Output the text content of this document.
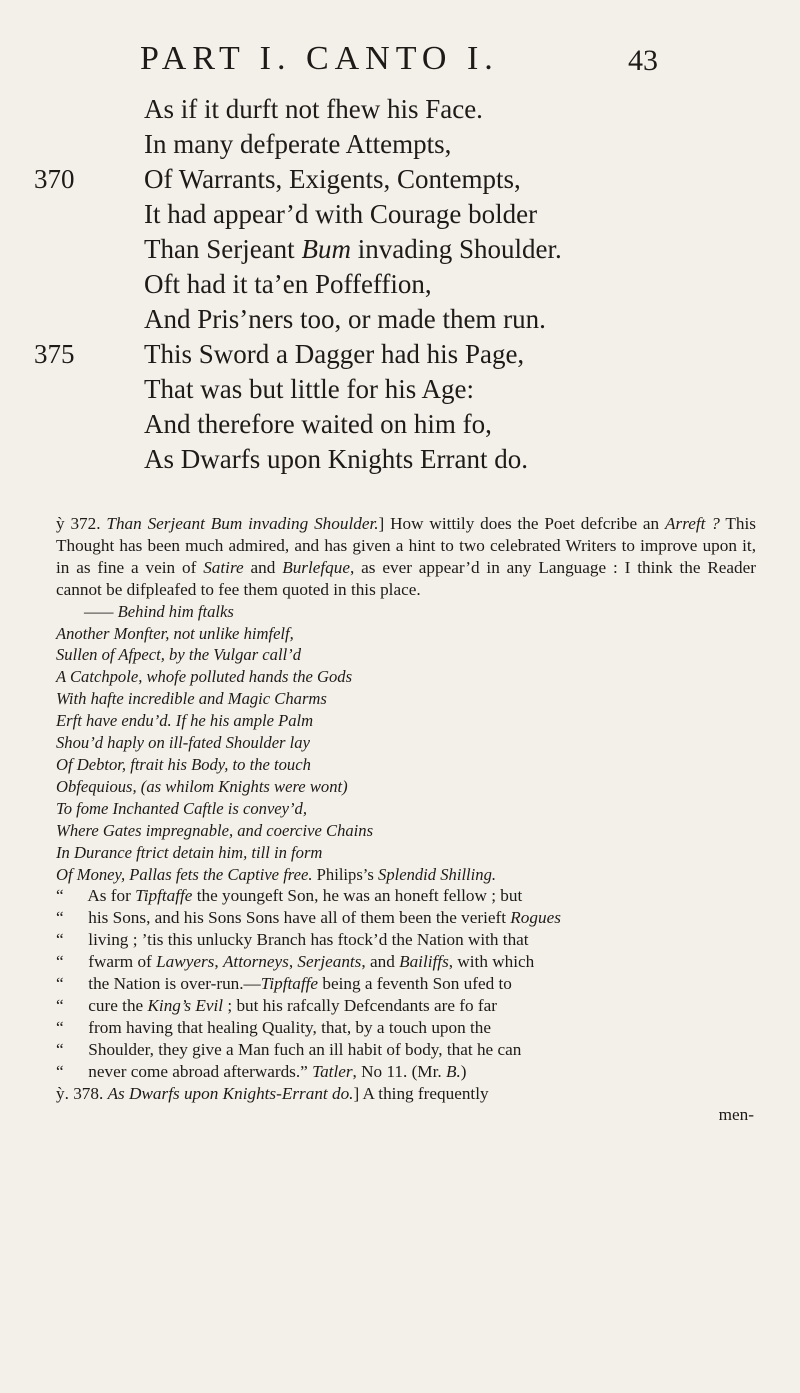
PART I. CANTO I.	43
As if it durft not fhew his Face.
In many defperate Attempts,
370	Of Warrants, Exigents, Contempts,
It had appear’d with Courage bolder
Than Serjeant Bum invading Shoulder.
Oft had it ta’en Poffeffion,
And Pris’ners too, or made them run.
375	This Sword a Dagger had his Page,
That was but little for his Age:
And therefore waited on him fo,
As Dwarfs upon Knights Errant do.
ỳ 372. Than Serjeant Bum invading Shoulder.] How wittily does the Poet defcribe an Arreft ? This Thought has been much admired, and has given a hint to two celebrated Writers to improve upon it, in as fine a vein of Satire and Burlefque, as ever appear’d in any Language : I think the Reader cannot be difpleafed to fee them quoted in this place.
—— Behind him ftalks
Another Monfter, not unlike himfelf,
Sullen of Afpect, by the Vulgar call’d
A Catchpole, whofe polluted hands the Gods
With hafte incredible and Magic Charms
Erft have endu’d. If he his ample Palm
Shou’d haply on ill-fated Shoulder lay
Of Debtor, ftrait his Body, to the touch
Obfequious, (as whilom Knights were wont)
To fome Inchanted Caftle is convey’d,
Where Gates impregnable, and coercive Chains
In Durance ftrict detain him, till in form
Of Money, Pallas fets the Captive free. Philips’s Splendid Shilling.
“ As for Tipftaffe the youngeft Son, he was an honeft fellow ; but
“ his Sons, and his Sons Sons have all of them been the verieft Rogues
“ living ; ’tis this unlucky Branch has ftock’d the Nation with that
“ fwarm of Lawyers, Attorneys, Serjeants, and Bailiffs, with which
“ the Nation is over-run.—Tipftaffe being a feventh Son ufed to
“ cure the King’s Evil ; but his rafcally Defcendants are fo far
“ from having that healing Quality, that, by a touch upon the
“ Shoulder, they give a Man fuch an ill habit of body, that he can
“ never come abroad afterwards.” Tatler, No 11. (Mr. B.)
ỳ. 378. As Dwarfs upon Knights-Errant do.] A thing frequently
men-
